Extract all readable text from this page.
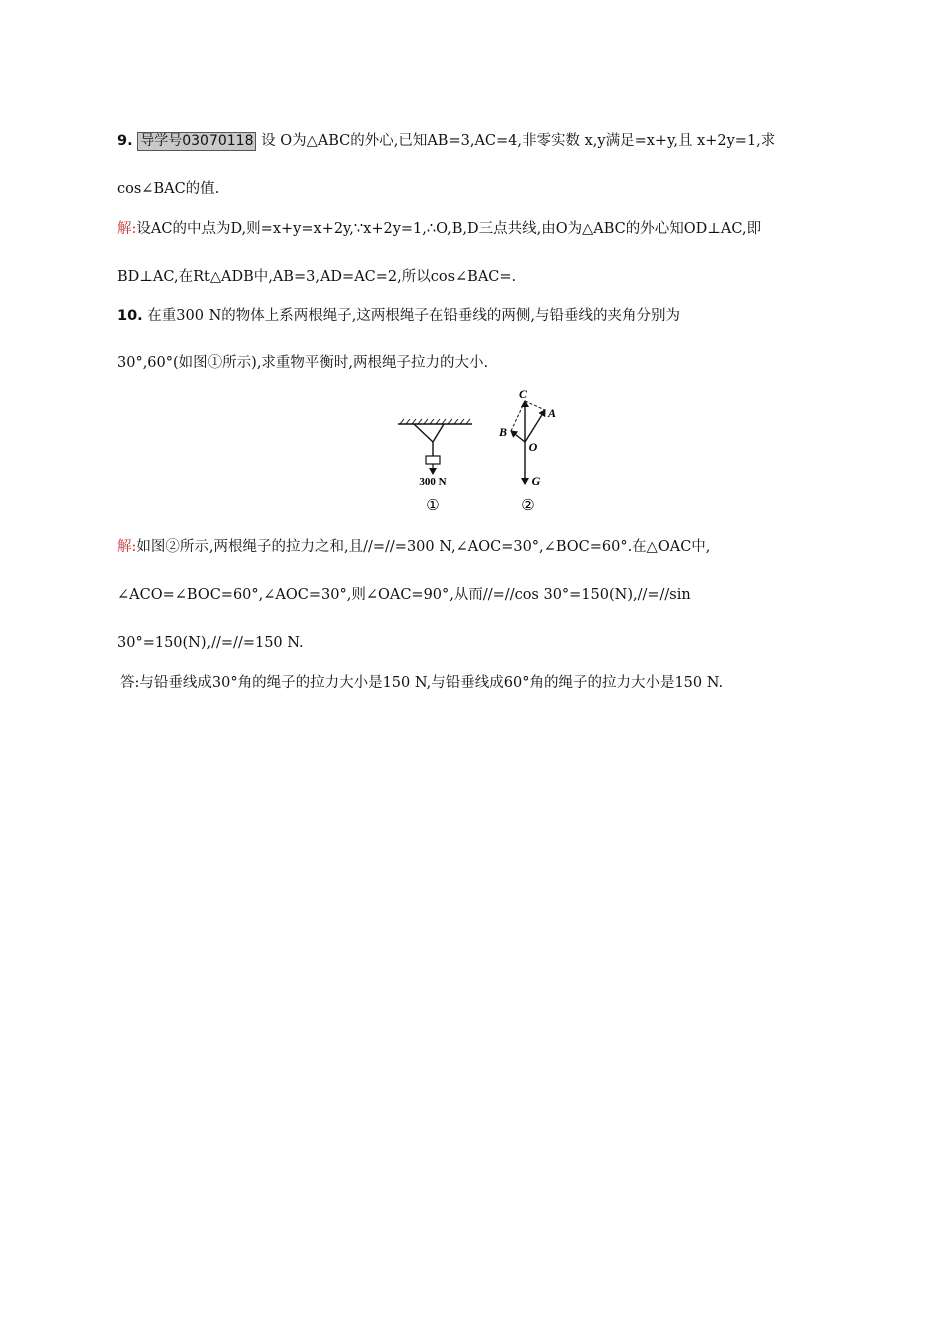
9. 导学号03070118 设 O为△ABC的外心,已知AB=3,AC=4,非零实数 x,y满足=x+y,且 x+2y=1,求
cos∠BAC的值.
解:设AC的中点为D,则=x+y=x+2y,∵x+2y=1,∴O,B,D三点共线,由O为△ABC的外心知OD⊥AC,即
BD⊥AC,在Rt△ADB中,AB=3,AD=AC=2,所以cos∠BAC=.
10. 在重300 N的物体上系两根绳子,这两根绳子在铅垂线的两侧,与铅垂线的夹角分别为
30°,60°(如图①所示),求重物平衡时,两根绳子拉力的大小.
300 N
①
C
A
B
O
G
②
解:如图②所示,两根绳子的拉力之和,且//=//=300 N,∠AOC=30°,∠BOC=60°.在△OAC中,
∠ACO=∠BOC=60°,∠AOC=30°,则∠OAC=90°,从而//=//cos 30°=150(N),//=//sin
30°=150(N),//=//=150 N.
答:与铅垂线成30°角的绳子的拉力大小是150 N,与铅垂线成60°角的绳子的拉力大小是150 N.
